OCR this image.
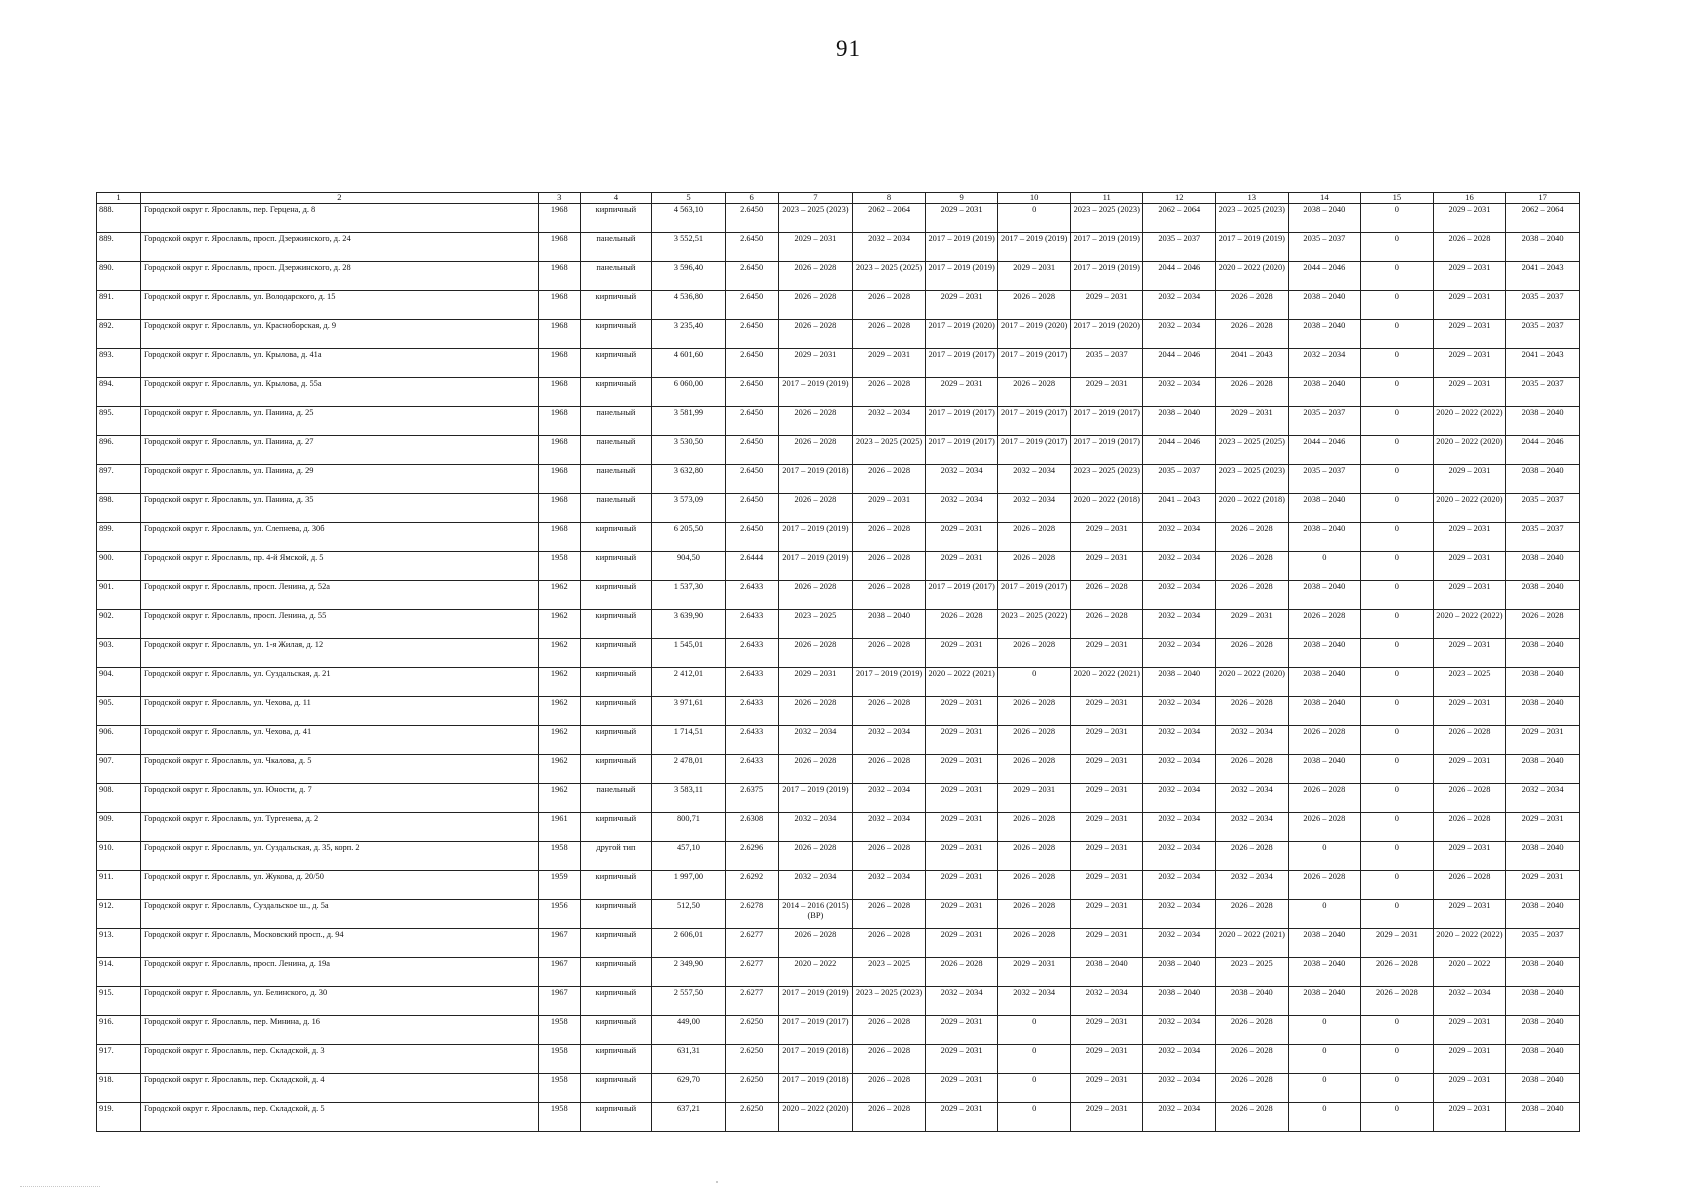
91
1	2	3	4	5	6	7	8	9	10	11	12	13	14	15	16	17
888.	Городской округ г. Ярославль, пер. Герцена, д. 8	1968	кирпичный	4 563,10	2.6450	2023 – 2025 (2023)	2062 – 2064	2029 – 2031	0	2023 – 2025 (2023)	2062 – 2064	2023 – 2025 (2023)	2038 – 2040	0	2029 – 2031	2062 – 2064
889.	Городской округ г. Ярославль, просп. Дзержинского, д. 24	1968	панельный	3 552,51	2.6450	2029 – 2031	2032 – 2034	2017 – 2019 (2019)	2017 – 2019 (2019)	2017 – 2019 (2019)	2035 – 2037	2017 – 2019 (2019)	2035 – 2037	0	2026 – 2028	2038 – 2040
890.	Городской округ г. Ярославль, просп. Дзержинского, д. 28	1968	панельный	3 596,40	2.6450	2026 – 2028	2023 – 2025 (2025)	2017 – 2019 (2019)	2029 – 2031	2017 – 2019 (2019)	2044 – 2046	2020 – 2022 (2020)	2044 – 2046	0	2029 – 2031	2041 – 2043
891.	Городской округ г. Ярославль, ул. Володарского, д. 15	1968	кирпичный	4 536,80	2.6450	2026 – 2028	2026 – 2028	2029 – 2031	2026 – 2028	2029 – 2031	2032 – 2034	2026 – 2028	2038 – 2040	0	2029 – 2031	2035 – 2037
892.	Городской округ г. Ярославль, ул. Красноборская, д. 9	1968	кирпичный	3 235,40	2.6450	2026 – 2028	2026 – 2028	2017 – 2019 (2020)	2017 – 2019 (2020)	2017 – 2019 (2020)	2032 – 2034	2026 – 2028	2038 – 2040	0	2029 – 2031	2035 – 2037
893.	Городской округ г. Ярославль, ул. Крылова, д. 41а	1968	кирпичный	4 601,60	2.6450	2029 – 2031	2029 – 2031	2017 – 2019 (2017)	2017 – 2019 (2017)	2035 – 2037	2044 – 2046	2041 – 2043	2032 – 2034	0	2029 – 2031	2041 – 2043
894.	Городской округ г. Ярославль, ул. Крылова, д. 55а	1968	кирпичный	6 060,00	2.6450	2017 – 2019 (2019)	2026 – 2028	2029 – 2031	2026 – 2028	2029 – 2031	2032 – 2034	2026 – 2028	2038 – 2040	0	2029 – 2031	2035 – 2037
895.	Городской округ г. Ярославль, ул. Панина, д. 25	1968	панельный	3 581,99	2.6450	2026 – 2028	2032 – 2034	2017 – 2019 (2017)	2017 – 2019 (2017)	2017 – 2019 (2017)	2038 – 2040	2029 – 2031	2035 – 2037	0	2020 – 2022 (2022)	2038 – 2040
896.	Городской округ г. Ярославль, ул. Панина, д. 27	1968	панельный	3 530,50	2.6450	2026 – 2028	2023 – 2025 (2025)	2017 – 2019 (2017)	2017 – 2019 (2017)	2017 – 2019 (2017)	2044 – 2046	2023 – 2025 (2025)	2044 – 2046	0	2020 – 2022 (2020)	2044 – 2046
897.	Городской округ г. Ярославль, ул. Панина, д. 29	1968	панельный	3 632,80	2.6450	2017 – 2019 (2018)	2026 – 2028	2032 – 2034	2032 – 2034	2023 – 2025 (2023)	2035 – 2037	2023 – 2025 (2023)	2035 – 2037	0	2029 – 2031	2038 – 2040
898.	Городской округ г. Ярославль, ул. Панина, д. 35	1968	панельный	3 573,09	2.6450	2026 – 2028	2029 – 2031	2032 – 2034	2032 – 2034	2020 – 2022 (2018)	2041 – 2043	2020 – 2022 (2018)	2038 – 2040	0	2020 – 2022 (2020)	2035 – 2037
899.	Городской округ г. Ярославль, ул. Слепнева, д. 30б	1968	кирпичный	6 205,50	2.6450	2017 – 2019 (2019)	2026 – 2028	2029 – 2031	2026 – 2028	2029 – 2031	2032 – 2034	2026 – 2028	2038 – 2040	0	2029 – 2031	2035 – 2037
900.	Городской округ г. Ярославль, пр. 4-й Ямской, д. 5	1958	кирпичный	904,50	2.6444	2017 – 2019 (2019)	2026 – 2028	2029 – 2031	2026 – 2028	2029 – 2031	2032 – 2034	2026 – 2028	0	0	2029 – 2031	2038 – 2040
901.	Городской округ г. Ярославль, просп. Ленина, д. 52а	1962	кирпичный	1 537,30	2.6433	2026 – 2028	2026 – 2028	2017 – 2019 (2017)	2017 – 2019 (2017)	2026 – 2028	2032 – 2034	2026 – 2028	2038 – 2040	0	2029 – 2031	2038 – 2040
902.	Городской округ г. Ярославль, просп. Ленина, д. 55	1962	кирпичный	3 639,90	2.6433	2023 – 2025	2038 – 2040	2026 – 2028	2023 – 2025 (2022)	2026 – 2028	2032 – 2034	2029 – 2031	2026 – 2028	0	2020 – 2022 (2022)	2026 – 2028
903.	Городской округ г. Ярославль, ул. 1-я Жилая, д. 12	1962	кирпичный	1 545,01	2.6433	2026 – 2028	2026 – 2028	2029 – 2031	2026 – 2028	2029 – 2031	2032 – 2034	2026 – 2028	2038 – 2040	0	2029 – 2031	2038 – 2040
904.	Городской округ г. Ярославль, ул. Суздальская, д. 21	1962	кирпичный	2 412,01	2.6433	2029 – 2031	2017 – 2019 (2019)	2020 – 2022 (2021)	0	2020 – 2022 (2021)	2038 – 2040	2020 – 2022 (2020)	2038 – 2040	0	2023 – 2025	2038 – 2040
905.	Городской округ г. Ярославль, ул. Чехова, д. 11	1962	кирпичный	3 971,61	2.6433	2026 – 2028	2026 – 2028	2029 – 2031	2026 – 2028	2029 – 2031	2032 – 2034	2026 – 2028	2038 – 2040	0	2029 – 2031	2038 – 2040
906.	Городской округ г. Ярославль, ул. Чехова, д. 41	1962	кирпичный	1 714,51	2.6433	2032 – 2034	2032 – 2034	2029 – 2031	2026 – 2028	2029 – 2031	2032 – 2034	2032 – 2034	2026 – 2028	0	2026 – 2028	2029 – 2031
907.	Городской округ г. Ярославль, ул. Чкалова, д. 5	1962	кирпичный	2 478,01	2.6433	2026 – 2028	2026 – 2028	2029 – 2031	2026 – 2028	2029 – 2031	2032 – 2034	2026 – 2028	2038 – 2040	0	2029 – 2031	2038 – 2040
908.	Городской округ г. Ярославль, ул. Юности, д. 7	1962	панельный	3 583,11	2.6375	2017 – 2019 (2019)	2032 – 2034	2029 – 2031	2029 – 2031	2029 – 2031	2032 – 2034	2032 – 2034	2026 – 2028	0	2026 – 2028	2032 – 2034
909.	Городской округ г. Ярославль, ул. Тургенева, д. 2	1961	кирпичный	800,71	2.6308	2032 – 2034	2032 – 2034	2029 – 2031	2026 – 2028	2029 – 2031	2032 – 2034	2032 – 2034	2026 – 2028	0	2026 – 2028	2029 – 2031
910.	Городской округ г. Ярославль, ул. Суздальская, д. 35, корп. 2	1958	другой тип	457,10	2.6296	2026 – 2028	2026 – 2028	2029 – 2031	2026 – 2028	2029 – 2031	2032 – 2034	2026 – 2028	0	0	2029 – 2031	2038 – 2040
911.	Городской округ г. Ярославль, ул. Жукова, д. 20/50	1959	кирпичный	1 997,00	2.6292	2032 – 2034	2032 – 2034	2029 – 2031	2026 – 2028	2029 – 2031	2032 – 2034	2032 – 2034	2026 – 2028	0	2026 – 2028	2029 – 2031
912.	Городской округ г. Ярославль, Суздальское ш., д. 5а	1956	кирпичный	512,50	2.6278	2014 – 2016 (2015) (ВР)	2026 – 2028	2029 – 2031	2026 – 2028	2029 – 2031	2032 – 2034	2026 – 2028	0	0	2029 – 2031	2038 – 2040
913.	Городской округ г. Ярославль, Московский просп., д. 94	1967	кирпичный	2 606,01	2.6277	2026 – 2028	2026 – 2028	2029 – 2031	2026 – 2028	2029 – 2031	2032 – 2034	2020 – 2022 (2021)	2038 – 2040	2029 – 2031	2020 – 2022 (2022)	2035 – 2037
914.	Городской округ г. Ярославль, просп. Ленина, д. 19а	1967	кирпичный	2 349,90	2.6277	2020 – 2022	2023 – 2025	2026 – 2028	2029 – 2031	2038 – 2040	2038 – 2040	2023 – 2025	2038 – 2040	2026 – 2028	2020 – 2022	2038 – 2040
915.	Городской округ г. Ярославль, ул. Белинского, д. 30	1967	кирпичный	2 557,50	2.6277	2017 – 2019 (2019)	2023 – 2025 (2023)	2032 – 2034	2032 – 2034	2032 – 2034	2038 – 2040	2038 – 2040	2038 – 2040	2026 – 2028	2032 – 2034	2038 – 2040
916.	Городской округ г. Ярославль, пер. Минина, д. 16	1958	кирпичный	449,00	2.6250	2017 – 2019 (2017)	2026 – 2028	2029 – 2031	0	2029 – 2031	2032 – 2034	2026 – 2028	0	0	2029 – 2031	2038 – 2040
917.	Городской округ г. Ярославль, пер. Складской, д. 3	1958	кирпичный	631,31	2.6250	2017 – 2019 (2018)	2026 – 2028	2029 – 2031	0	2029 – 2031	2032 – 2034	2026 – 2028	0	0	2029 – 2031	2038 – 2040
918.	Городской округ г. Ярославль, пер. Складской, д. 4	1958	кирпичный	629,70	2.6250	2017 – 2019 (2018)	2026 – 2028	2029 – 2031	0	2029 – 2031	2032 – 2034	2026 – 2028	0	0	2029 – 2031	2038 – 2040
919.	Городской округ г. Ярославль, пер. Складской, д. 5	1958	кирпичный	637,21	2.6250	2020 – 2022 (2020)	2026 – 2028	2029 – 2031	0	2029 – 2031	2032 – 2034	2026 – 2028	0	0	2029 – 2031	2038 – 2040
